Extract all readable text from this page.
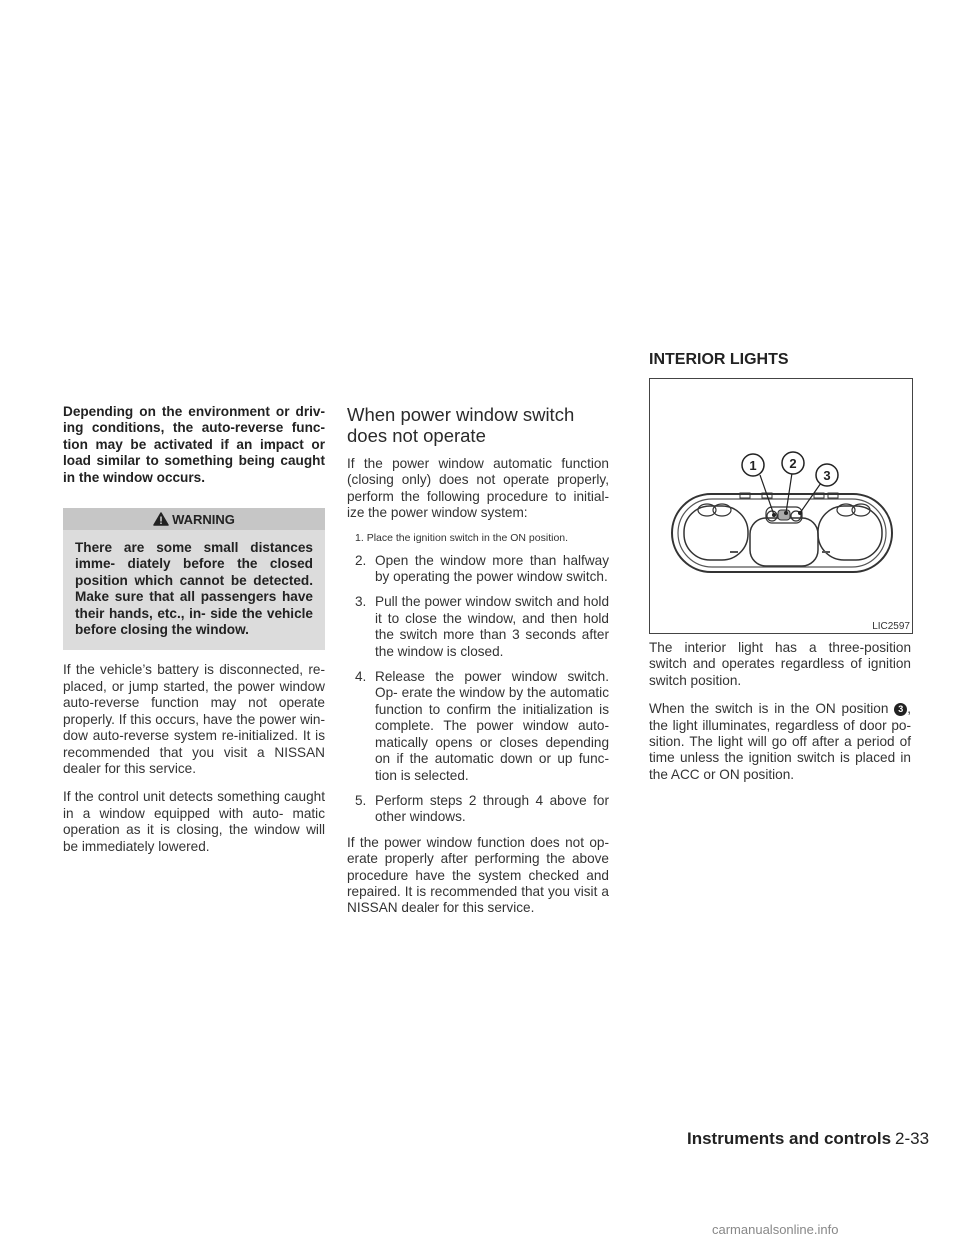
Depending on the environment or driv- ing conditions, the auto-reverse func- tion may be activated if an impact or load similar to something being caught in the window occurs.
WARNING
There are some small distances imme- diately before the closed position which cannot be detected. Make sure that all passengers have their hands, etc., in- side the vehicle before closing the window.

If the vehicle’s battery is disconnected, re- placed, or jump started, the power window auto-reverse function may not operate properly. If this occurs, have the power win- dow auto-reverse system re-initialized. It is recommended that you visit a NISSAN dealer for this service.

If the control unit detects something caught in a window equipped with auto- matic operation as it is closing, the window will be immediately lowered.

When power window switch does not operate

If the power window automatic function (closing only) does not operate properly, perform the following procedure to initial- ize the power window system:

1. Place the ignition switch in the ON position.
2. Open the window more than halfway by operating the power window switch.
3. Pull the power window switch and hold it to close the window, and then hold the switch more than 3 seconds after the window is closed.
4. Release the power window switch. Op- erate the window by the automatic function to confirm the initialization is complete. The power window auto- matically opens or closes depending on if the automatic down or up func- tion is selected.
5. Perform steps 2 through 4 above for other windows.

If the power window function does not op- erate properly after performing the above procedure have the system checked and repaired. It is recommended that you visit a NISSAN dealer for this service.

INTERIOR LIGHTS
1	2
3
LIC2597

The interior light has a three-position switch and operates regardless of ignition switch position.

When the switch is in the ON position 3 , the light illuminates, regardless of door po- sition. The light will go off after a period of time unless the ignition switch is placed in the ACC or ON position.

Instruments and controls 2-33
carmanualsonline.info
